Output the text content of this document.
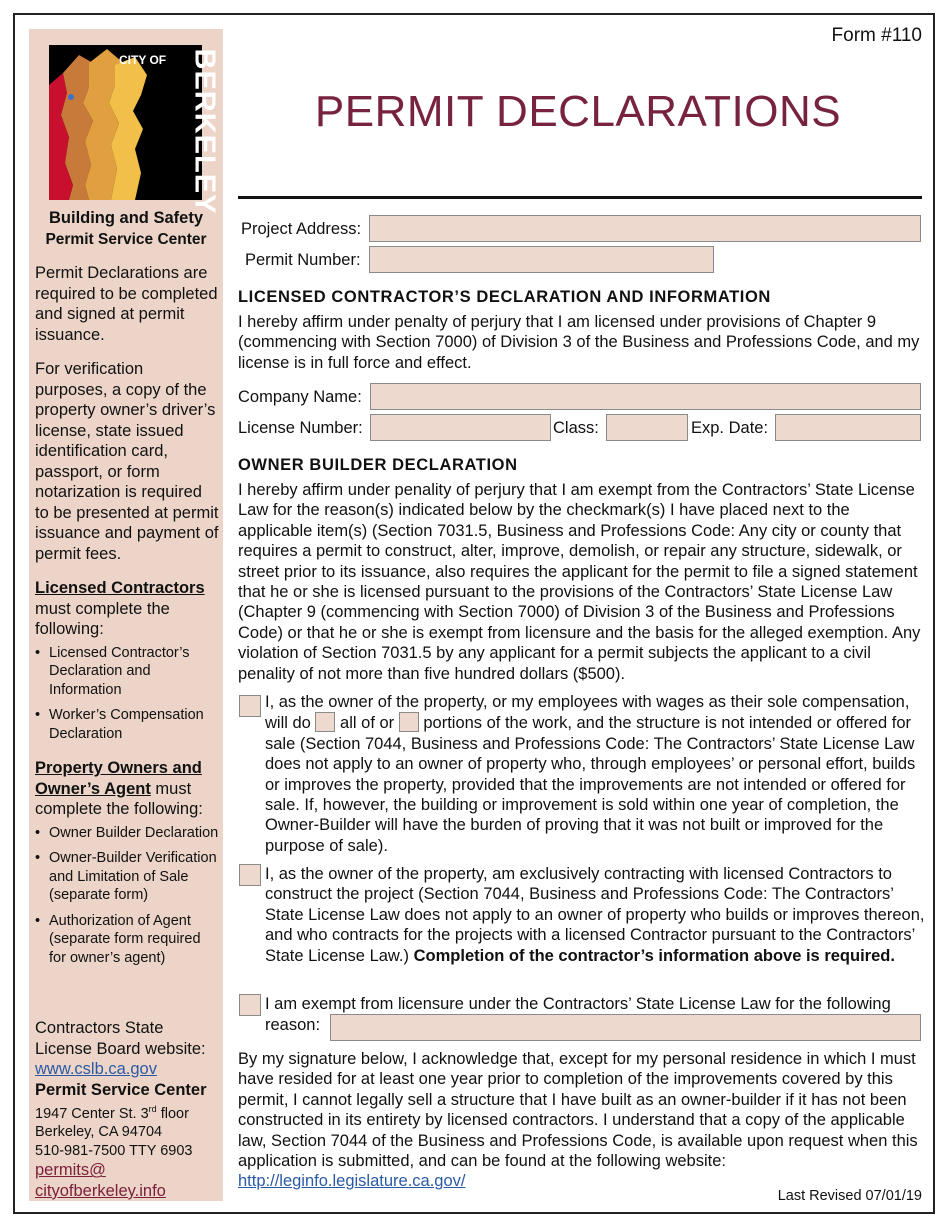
CITY OF BERKELEY
Building and Safety
Permit Service Center

Permit Declarations are required to be completed and signed at permit issuance.

For verification purposes, a copy of the property owner’s driver’s license, state issued identification card, passport, or form notarization is required to be presented at permit issuance and payment of permit fees.

Licensed Contractors must complete the following:

• Licensed Contractor’s Declaration and Information
• Worker’s Compensation Declaration

Property Owners and Owner’s Agent must complete the following:

• Owner Builder Declaration
• Owner-Builder Verification and Limitation of Sale (separate form)
• Authorization of Agent (separate form required for owner’s agent)

Contractors State License Board website:

www.cslb.ca.gov

Permit Service Center

1947 Center St. 3rd floor

Berkeley, CA 94704

510-981-7500 TTY 6903

permits@

cityofberkeley.info

Form #110
PERMIT DECLARATIONS
Project Address:
Permit Number:
LICENSED CONTRACTOR’S DECLARATION AND INFORMATION

I hereby affirm under penalty of perjury that I am licensed under provisions of Chapter 9 (commencing with Section 7000) of Division 3 of the Business and Professions Code, and my license is in full force and effect.

Company Name:
License Number:	Class:	Exp. Date:
OWNER BUILDER DECLARATION

I hereby affirm under penality of perjury that I am exempt from the Contractors’ State License Law for the reason(s) indicated below by the checkmark(s) I have placed next to the applicable item(s) (Section 7031.5, Business and Professions Code: Any city or county that requires a permit to construct, alter, improve, demolish, or repair any structure, sidewalk, or street prior to its issuance, also requires the applicant for the permit to file a signed statement that he or she is licensed pursuant to the provisions of the Contractors’ State License Law (Chapter 9 (commencing with Section 7000) of Division 3 of the Business and Professions Code) or that he or she is exempt from licensure and the basis for the alleged exemption. Any violation of Section 7031.5 by any applicant for a permit subjects the applicant to a civil penality of not more than five hundred dollars ($500).

I, as the owner of the property, or my employees with wages as their sole compensation, will do all of or portions of the work, and the structure is not intended or offered for sale (Section 7044, Business and Professions Code: The Contractors’ State License Law does not apply to an owner of property who, through employees’ or personal effort, builds or improves the property, provided that the improvements are not intended or offered for sale. If, however, the building or improvement is sold within one year of completion, the Owner-Builder will have the burden of proving that it was not built or improved for the purpose of sale).

I, as the owner of the property, am exclusively contracting with licensed Contractors to construct the project (Section 7044, Business and Professions Code: The Contractors’ State License Law does not apply to an owner of property who builds or improves thereon, and who contracts for the projects with a licensed Contractor pursuant to the Contractors’ State License Law.) Completion of the contractor’s information above is required.

I am exempt from licensure under the Contractors’ State License Law for the following

reason:

By my signature below, I acknowledge that, except for my personal residence in which I must have resided for at least one year prior to completion of the improvements covered by this permit, I cannot legally sell a structure that I have built as an owner-builder if it has not been constructed in its entirety by licensed contractors. I understand that a copy of the applicable law, Section 7044 of the Business and Professions Code, is available upon request when this application is submitted, and can be found at the following website: http://leginfo.legislature.ca.gov/

Last Revised 07/01/19
